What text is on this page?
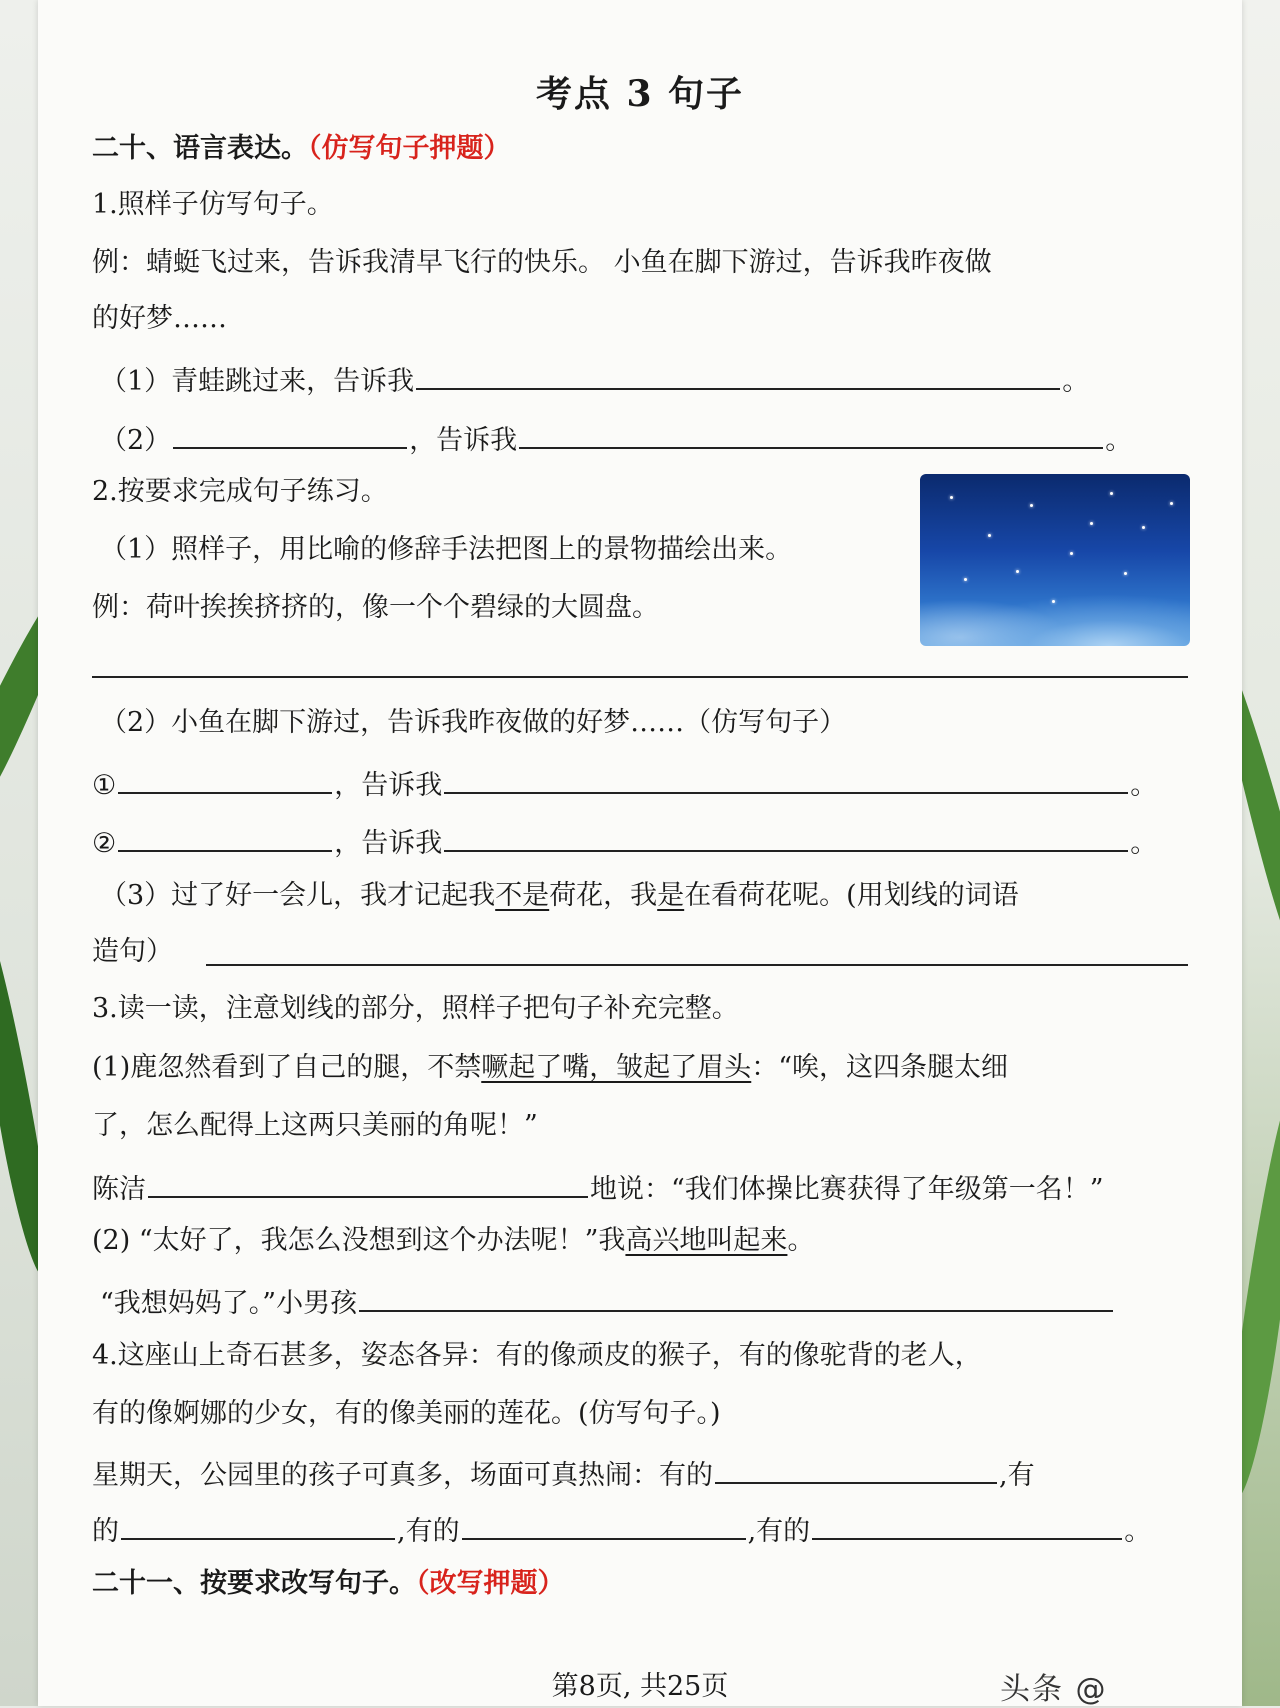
考点 3 句子
二十、语言表达。（仿写句子押题）
1.照样子仿写句子。
例：蜻蜓飞过来，告诉我清早飞行的快乐。 小鱼在脚下游过，告诉我昨夜做
的好梦……
（1）青蛙跳过来，告诉我	。
（2）	，告诉我	。
2.按要求完成句子练习。
（1）照样子，用比喻的修辞手法把图上的景物描绘出来。
例：荷叶挨挨挤挤的，像一个个碧绿的大圆盘。
（2）小鱼在脚下游过，告诉我昨夜做的好梦……（仿写句子）
①	，告诉我	。
②	，告诉我	。
（3）过了好一会儿，我才记起我不是荷花，我是在看荷花呢。(用划线的词语
造句）
3.读一读，注意划线的部分，照样子把句子补充完整。
(1)鹿忽然看到了自己的腿，不禁噘起了嘴，皱起了眉头：“唉，这四条腿太细
了，怎么配得上这两只美丽的角呢！”
陈洁	地说：“我们体操比赛获得了年级第一名！”
(2) “太好了，我怎么没想到这个办法呢！”我高兴地叫起来。
“我想妈妈了。”小男孩
4.这座山上奇石甚多，姿态各异：有的像顽皮的猴子，有的像驼背的老人，
有的像婀娜的少女，有的像美丽的莲花。(仿写句子。)
星期天，公园里的孩子可真多，场面可真热闹：有的	,有
的	,有的	,有的	。
二十一、按要求改写句子。（改写押题）
第8页, 共25页	头条 @
